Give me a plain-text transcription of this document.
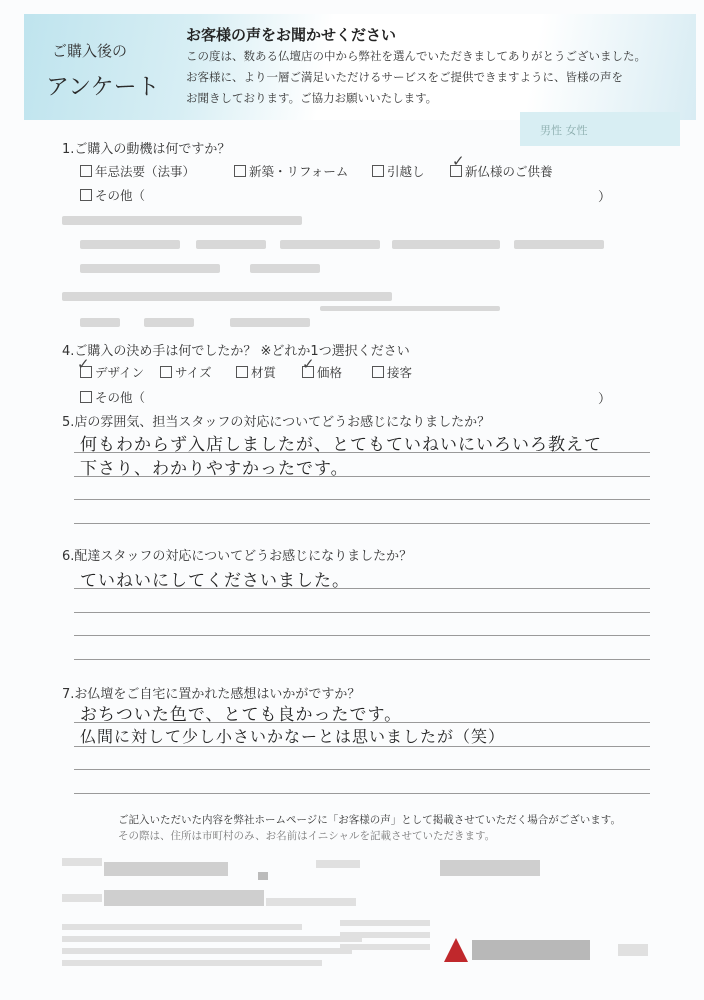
ご購入後の
アンケート
お客様の声をお聞かせください
この度は、数ある仏壇店の中から弊社を選んでいただきましてありがとうございました。
お客様に、より一層ご満足いただけるサービスをご提供できますように、皆様の声を
お聞きしております。ご協力お願いいたします。
男性 女性
1.ご購入の動機は何ですか？
年忌法要（法事）	新築・リフォーム	引越し	新仏様のご供養
✓
その他（	）
4.ご購入の決め手は何でしたか？ ※どれか1つ選択ください
デザイン
✓	サイズ	材質	価格
✓	接客
その他（	）
5.店の雰囲気、担当スタッフの対応についてどうお感じになりましたか？
何もわからず入店しましたが、とてもていねいにいろいろ教えて
下さり、わかりやすかったです。
6.配達スタッフの対応についてどうお感じになりましたか？
ていねいにしてくださいました。
7.お仏壇をご自宅に置かれた感想はいかがですか？
おちついた色で、とても良かったです。
仏間に対して少し小さいかなーとは思いましたが（笑）
ご記入いただいた内容を弊社ホームページに「お客様の声」として掲載させていただく場合がございます。
その際は、住所は市町村のみ、お名前はイニシャルを記載させていただきます。
